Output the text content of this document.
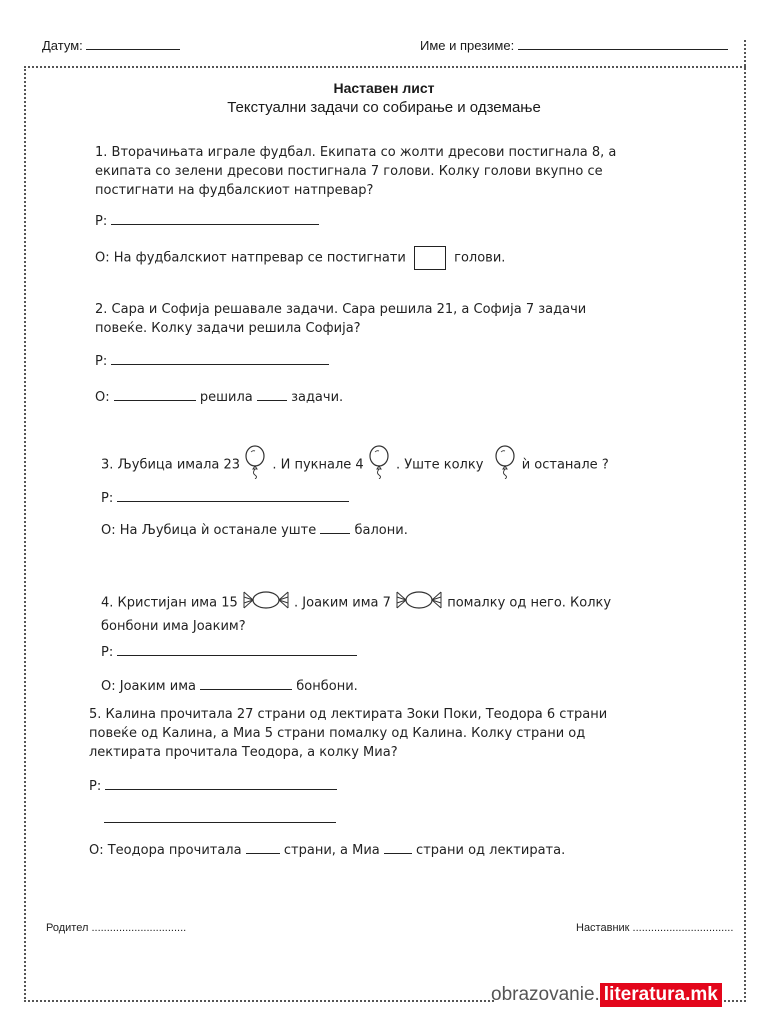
Датум:	Име и презиме:
Наставен лист
Текстуални задачи со собирање и одземање
1. Вторачињата играле фудбал. Екипата со жолти дресови постигнала 8, а
екипата со зелени дресови постигнала 7 голови. Колку голови вкупно се
постигнати на фудбалскиот натпревар?
Р:
О: На фудбалскиот натпревар се постигнати	голови.
2. Сара и Софија решавале задачи. Сара решила 21, а Софија 7 задачи
повеќе. Колку задачи решила Софија?
Р:
О:	решила	задачи.
3. Љубица имала 23 . И пукнале 4 . Уште колку	ѝ останале ?
Р:
О: На Љубица ѝ останале уште	балони.
4. Кристијан има 15	. Јоаким има 7	помалку од него. Колку
бонбони има Јоаким?
Р:
О: Јоаким има	бонбони.
5. Калина прочитала 27 страни од лектирата Зоки Поки, Теодора 6 страни
повеќе од Калина, а Миа 5 страни помалку од Калина. Колку страни од
лектирата прочитала Теодора, а колку Миа?
Р:
О: Теодора прочитала	страни, а Миа	страни од лектирата.
Родител ...............................	Наставник .................................
obrazovanie. literatura.mk
